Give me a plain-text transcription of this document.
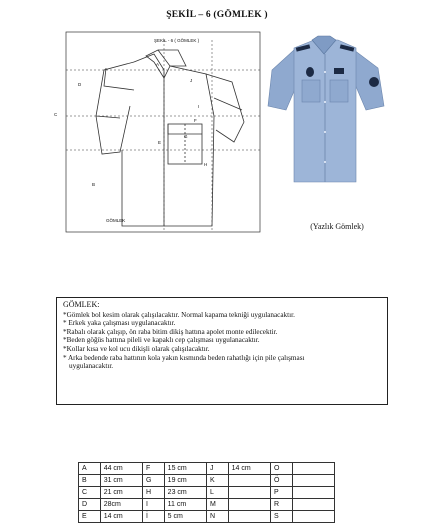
ŞEKİL – 6 (GÖMLEK )
ŞEKİL - 6 ( GÖMLEK )
GÖMLEK
C
D
B
A
E
F
G
H
I
J
(Yazlık Gömlek)
GÖMLEK:
*Gömlek bol kesim olarak çalışılacaktır. Normal kapama tekniği uygulanacaktır.
* Erkek yaka çalışması uygulanacaktır.
*Rabalı olarak çalışıp, ön raba bitim dikiş hattına apolet monte edilecektir.
*Beden göğüs hattına pileli ve kapaklı cep çalışması uygulanacaktır.
*Kollar kısa ve kol ucu dikişli olarak çalışılacaktır.
* Arka bedende raba hattının kola yakın kısmında beden rahatlığı için pile çalışması
uygulanacaktır.
A	44 cm	F	15 cm	J	14 cm	O	
B	31 cm	G	19 cm	K		Ö	
C	21 cm	H	23 cm	L		P	
D	28cm	I	11 cm	M		R	
E	14 cm	İ	5 cm	N		S	
